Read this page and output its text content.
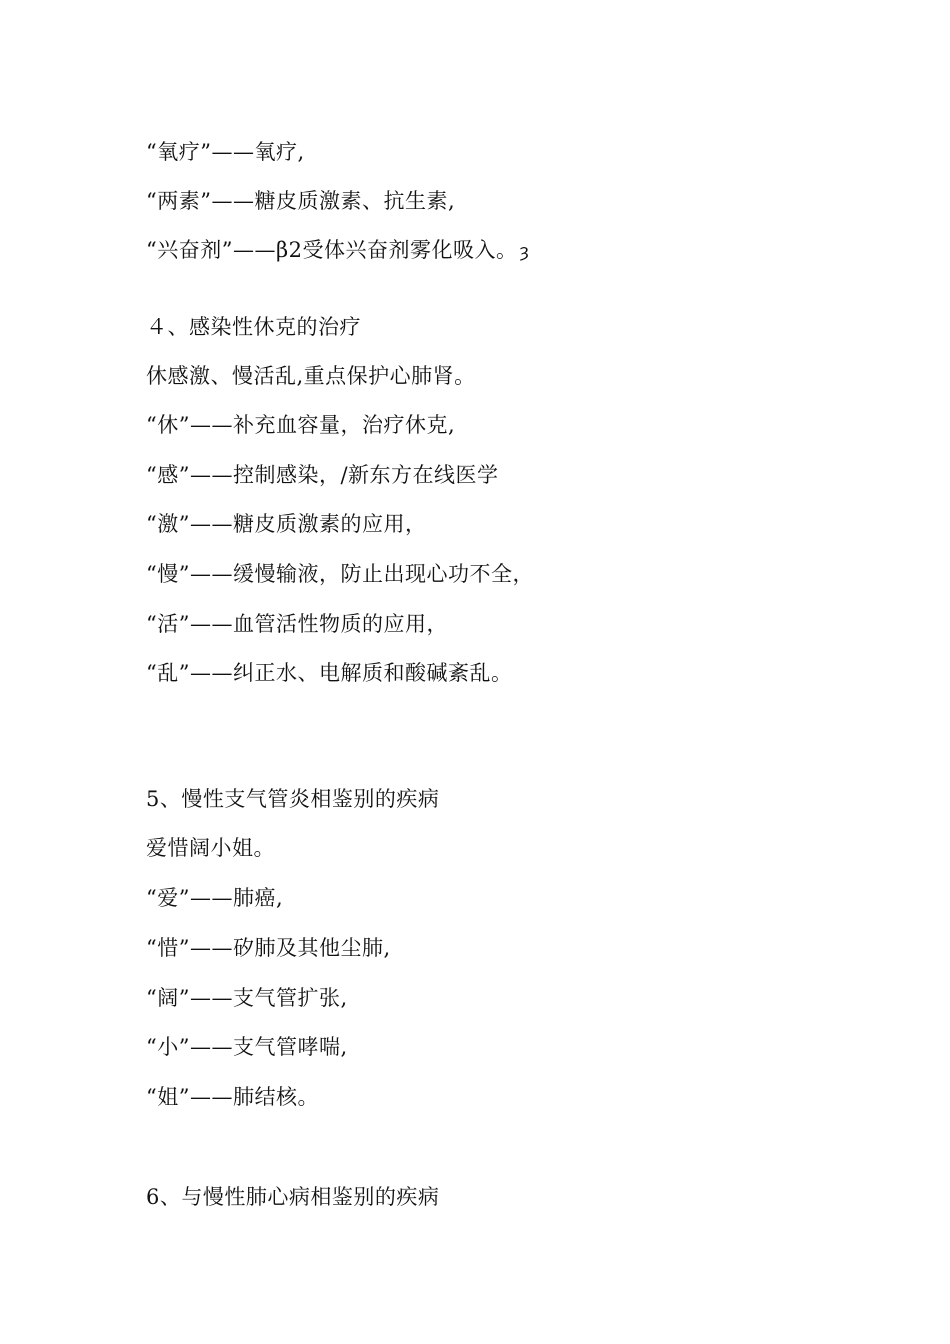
“氧疗”——氧疗,
“两素”——糖皮质激素、抗生素,
“兴奋剂”——β2受体兴奋剂雾化吸入。 ȝ
４、感染性休克的治疗
休感激、慢活乱,重点保护心肺肾。
“休”——补充血容量，治疗休克,
“感”——控制感染，/新东方在线医学
“激”——糖皮质激素的应用，
“慢”——缓慢输液，防止出现心功不全，
“活”——血管活性物质的应用，
“乱”——纠正水、电解质和酸碱紊乱。
5、慢性支气管炎相鉴别的疾病
爱惜阔小姐。
“爱”——肺癌,
“惜”——矽肺及其他尘肺,
“阔”——支气管扩张,
“小”——支气管哮喘,
“姐”——肺结核。
6、与慢性肺心病相鉴别的疾病
